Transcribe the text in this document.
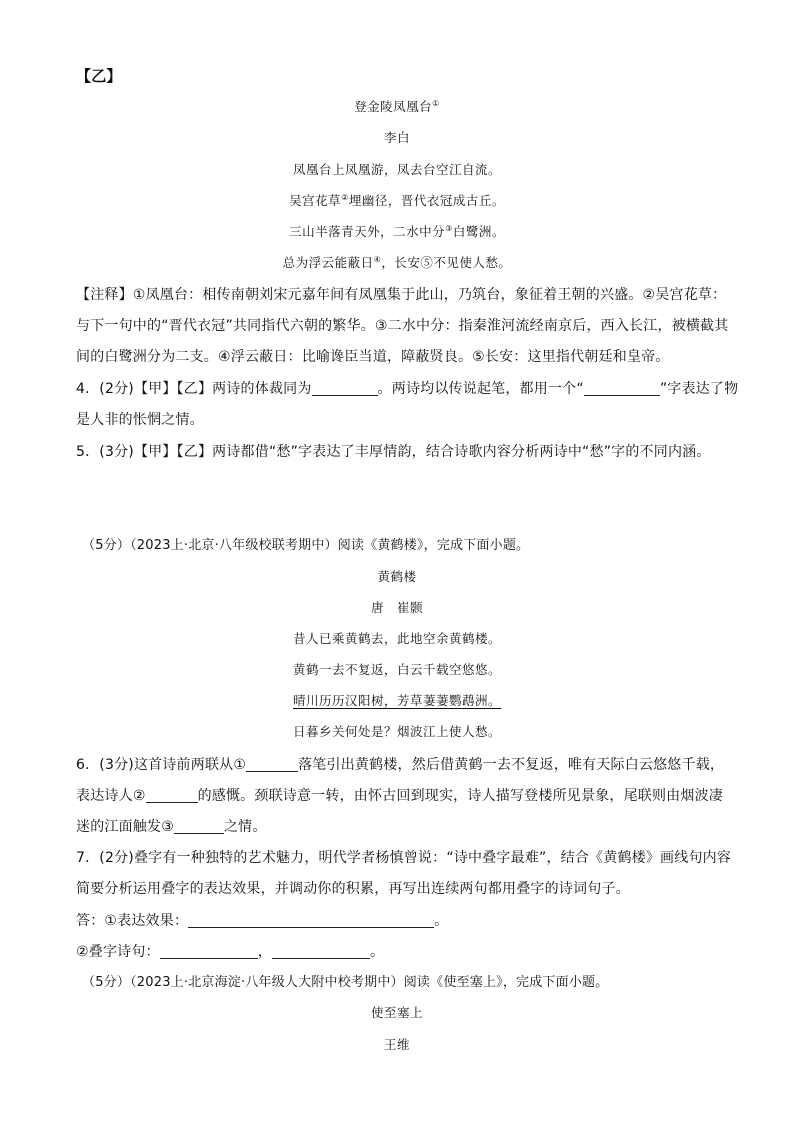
【乙】
登金陵凤凰台①
李白
凤凰台上凤凰游，凤去台空江自流。
吴宫花草②埋幽径，晋代衣冠成古丘。
三山半落青天外，二水中分③白鹭洲。
总为浮云能蔽日④，长安⑤不见使人愁。
【注释】①凤凰台：相传南朝刘宋元嘉年间有凤凰集于此山，乃筑台，象征着王朝的兴盛。②吴宫花草：
与下一句中的“晋代衣冠”共同指代六朝的繁华。③二水中分：指秦淮河流经南京后，西入长江，被横截其
间的白鹭洲分为二支。④浮云蔽日：比喻谗臣当道，障蔽贤良。⑤长安：这里指代朝廷和皇帝。
4．(2分)【甲】【乙】两诗的体裁同为	。两诗均以传说起笔，都用一个“	”字表达了物
是人非的怅惘之情。
5．(3分)【甲】【乙】两诗都借“愁”字表达了丰厚情韵，结合诗歌内容分析两诗中“愁”字的不同内涵。
（5分）（2023上·北京·八年级校联考期中）阅读《黄鹤楼》，完成下面小题。
黄鹤楼
唐　崔颢
昔人已乘黄鹤去，此地空余黄鹤楼。
黄鹤一去不复返，白云千载空悠悠。
晴川历历汉阳树，芳草萋萋鹦鹉洲。
日暮乡关何处是？烟波江上使人愁。
6．(3分)这首诗前两联从①	落笔引出黄鹤楼，然后借黄鹤一去不复返，唯有天际白云悠悠千载，
表达诗人②	的感慨。颈联诗意一转，由怀古回到现实，诗人描写登楼所见景象，尾联则由烟波凄
迷的江面触发③	之情。
7．(2分)叠字有一种独特的艺术魅力，明代学者杨慎曾说：“诗中叠字最难”，结合《黄鹤楼》画线句内容
简要分析运用叠字的表达效果，并调动你的积累，再写出连续两句都用叠字的诗词句子。
答：①表达效果：	。
②叠字诗句：	，	。
（5分）（2023上·北京海淀·八年级人大附中校考期中）阅读《使至塞上》，完成下面小题。
使至塞上
王维
